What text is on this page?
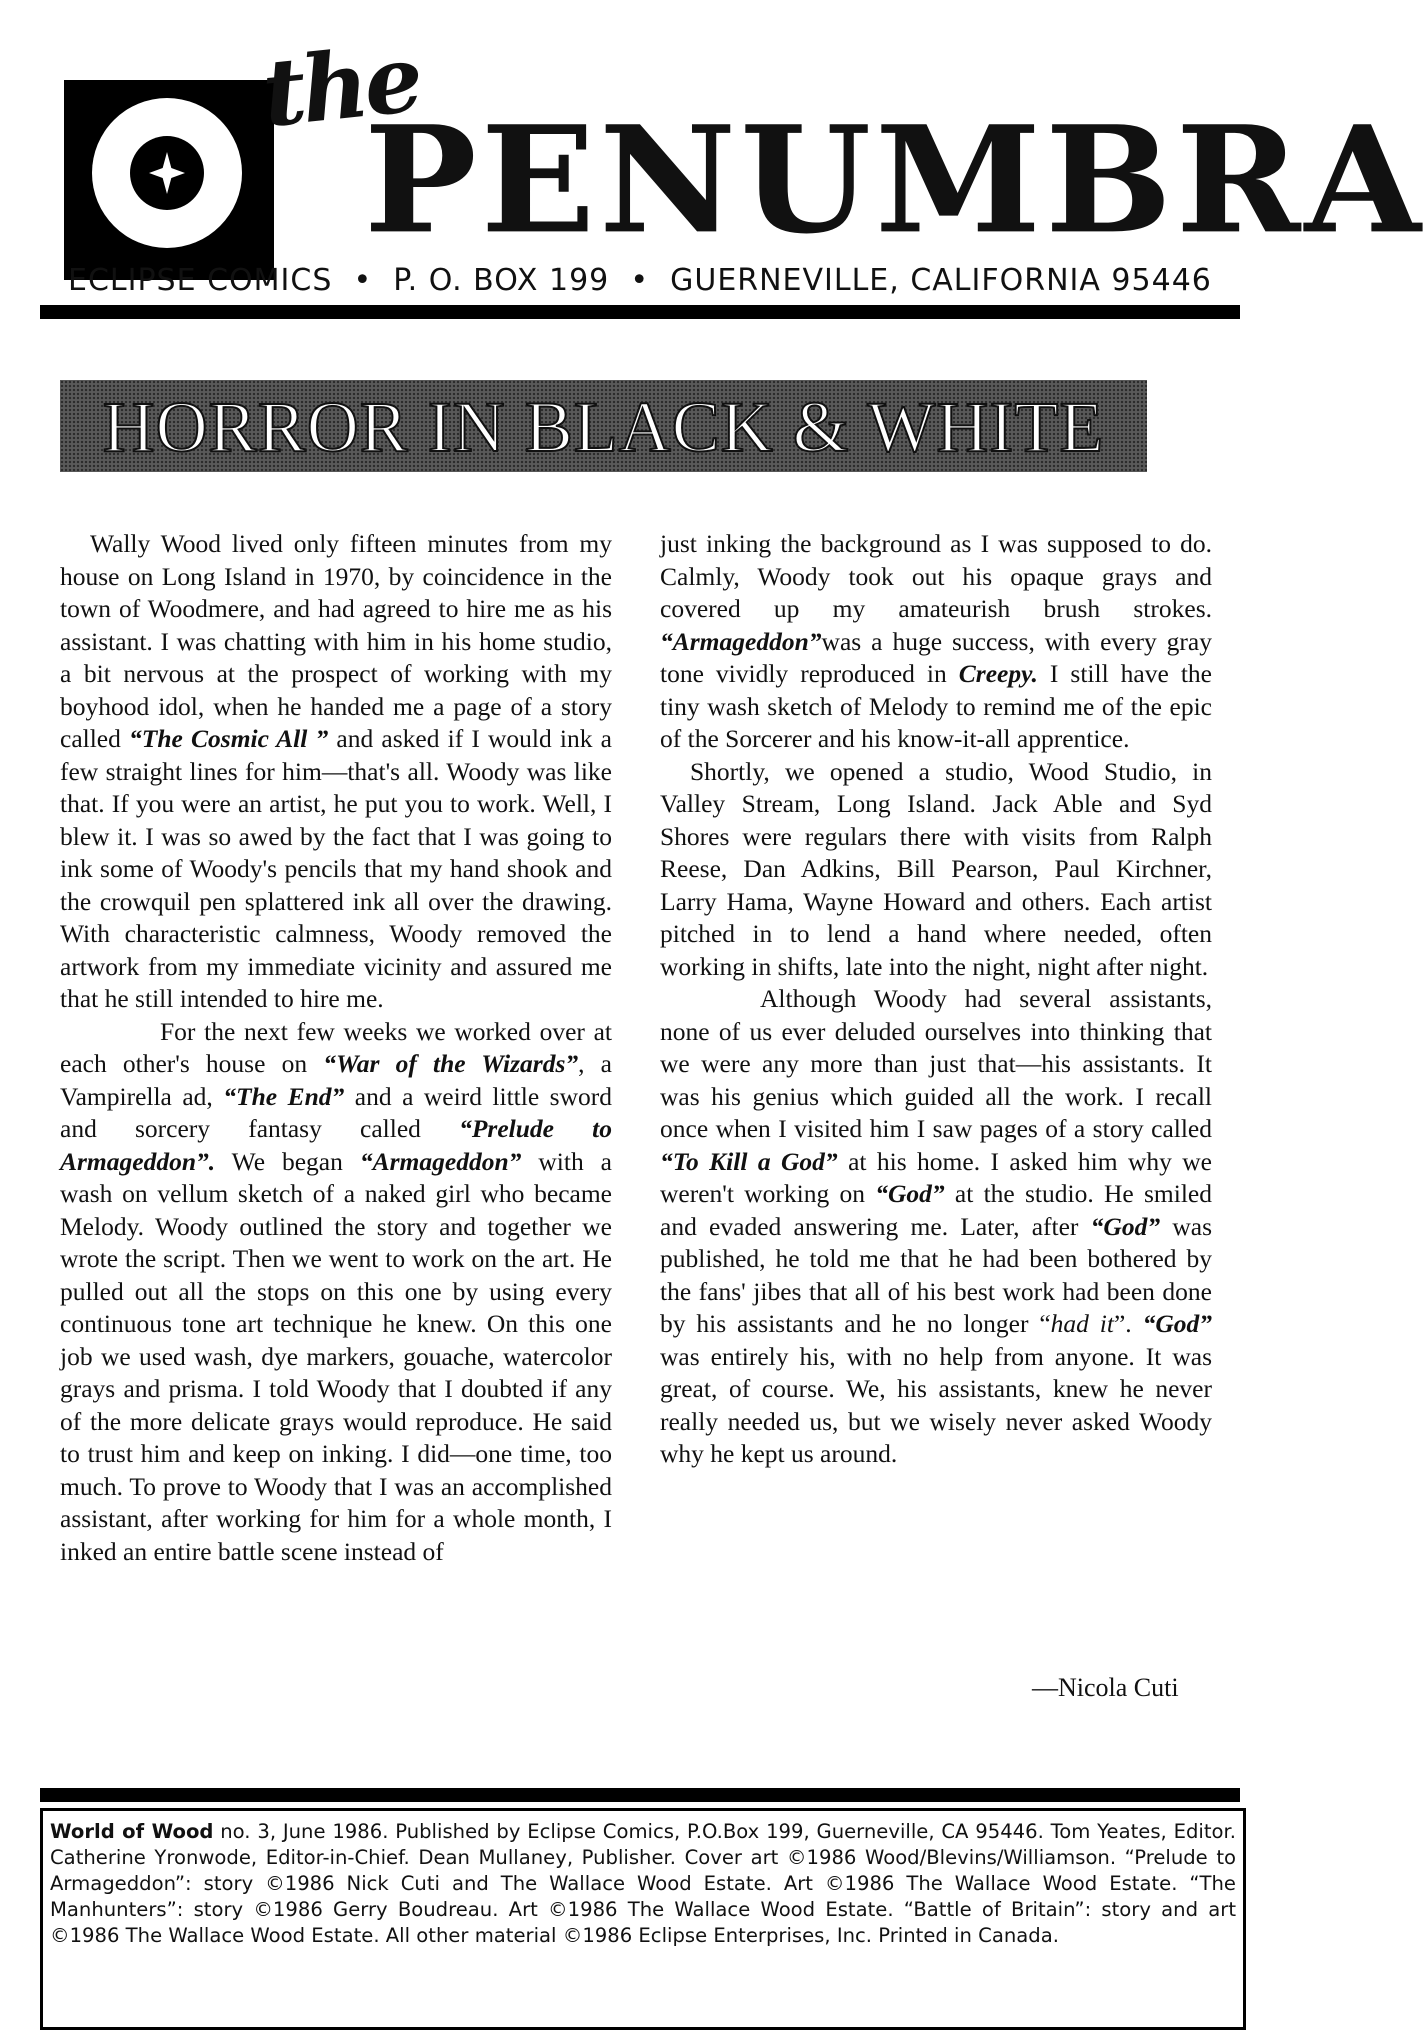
the
PENUMBRA
ECLIPSE COMICS  •  P. O. BOX 199  •  GUERNEVILLE, CALIFORNIA 95446
HORROR IN BLACK & WHITE

Wally Wood lived only fifteen minutes from my house on Long Island in 1970, by coincidence in the town of Woodmere, and had agreed to hire me as his assistant. I was chatting with him in his home studio, a bit nervous at the prospect of working with my boyhood idol, when he handed me a page of a story called “The Cosmic All ” and asked if I would ink a few straight lines for him—that's all. Woody was like that. If you were an artist, he put you to work. Well, I blew it. I was so awed by the fact that I was going to ink some of Woody's pencils that my hand shook and the crowquil pen splattered ink all over the drawing. With characteristic calmness, Woody removed the artwork from my immediate vicinity and assured me that he still intended to hire me.

For the next few weeks we worked over at each other's house on “War of the Wizards”, a Vampirella ad, “The End” and a weird little sword and sorcery fantasy called “Prelude to Armageddon”. We began “Armageddon” with a wash on vellum sketch of a naked girl who became Melody. Woody outlined the story and together we wrote the script. Then we went to work on the art. He pulled out all the stops on this one by using every continuous tone art technique he knew. On this one job we used wash, dye markers, gouache, watercolor grays and prisma. I told Woody that I doubted if any of the more delicate grays would reproduce. He said to trust him and keep on inking. I did—one time, too much. To prove to Woody that I was an accomplished assistant, after working for him for a whole month, I inked an entire battle scene instead of

just inking the background as I was supposed to do. Calmly, Woody took out his opaque grays and covered up my amateurish brush strokes. “Armageddon”was a huge success, with every gray tone vividly reproduced in Creepy. I still have the tiny wash sketch of Melody to remind me of the epic of the Sorcerer and his know-it-all apprentice.

Shortly, we opened a studio, Wood Studio, in Valley Stream, Long Island. Jack Able and Syd Shores were regulars there with visits from Ralph Reese, Dan Adkins, Bill Pearson, Paul Kirchner, Larry Hama, Wayne Howard and others. Each artist pitched in to lend a hand where needed, often working in shifts, late into the night, night after night.

Although Woody had several assistants, none of us ever deluded ourselves into thinking that we were any more than just that—his assistants. It was his genius which guided all the work. I recall once when I visited him I saw pages of a story called “To Kill a God” at his home. I asked him why we weren't working on “God” at the studio. He smiled and evaded answering me. Later, after “God” was published, he told me that he had been bothered by the fans' jibes that all of his best work had been done by his assistants and he no longer “had it”. “God” was entirely his, with no help from anyone. It was great, of course. We, his assistants, knew he never really needed us, but we wisely never asked Woody why he kept us around.

—Nicola Cuti
World of Wood no. 3, June 1986. Published by Eclipse Comics, P.O.Box 199, Guerneville, CA 95446. Tom Yeates, Editor. Catherine Yronwode, Editor-in-Chief. Dean Mullaney, Publisher. Cover art ©1986 Wood/Blevins/Williamson. “Prelude to Armageddon”: story ©1986 Nick Cuti and The Wallace Wood Estate. Art ©1986 The Wallace Wood Estate. “The Manhunters”: story ©1986 Gerry Boudreau. Art ©1986 The Wallace Wood Estate. “Battle of Britain”: story and art ©1986 The Wallace Wood Estate. All other material ©1986 Eclipse Enterprises, Inc. Printed in Canada.
